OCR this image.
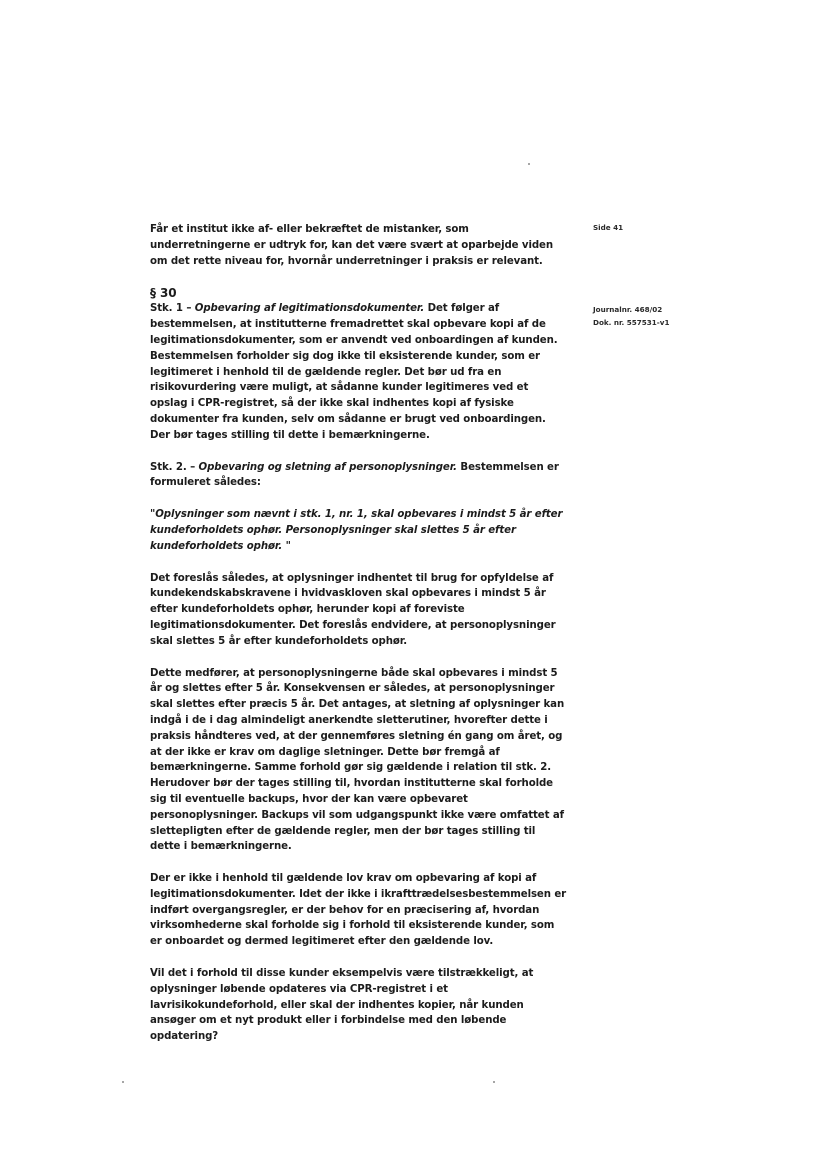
Side 41
Journalnr. 468/02
Dok. nr. 557531-v1

Får et institut ikke af- eller bekræftet de mistanker, som underretningerne er udtryk for, kan det være svært at oparbejde viden om det rette niveau for, hvornår underretninger i praksis er relevant.

§ 30

Stk. 1 – Opbevaring af legitimationsdokumenter. Det følger af bestemmelsen, at institutterne fremadrettet skal opbevare kopi af de legitimationsdokumenter, som er anvendt ved onboardingen af kunden. Bestemmelsen forholder sig dog ikke til eksisterende kunder, som er legitimeret i henhold til de gældende regler. Det bør ud fra en risikovurdering være muligt, at sådanne kunder legitimeres ved et opslag i CPR-registret, så der ikke skal indhentes kopi af fysiske dokumenter fra kunden, selv om sådanne er brugt ved onboardingen. Der bør tages stilling til dette i bemærkningerne.

Stk. 2. – Opbevaring og sletning af personoplysninger. Bestemmelsen er formuleret således:

"Oplysninger som nævnt i stk. 1, nr. 1, skal opbevares i mindst 5 år efter kundeforholdets ophør. Personoplysninger skal slettes 5 år efter kundeforholdets ophør. "

Det foreslås således, at oplysninger indhentet til brug for opfyldelse af kundekendskabskravene i hvidvaskloven skal opbevares i mindst 5 år efter kundeforholdets ophør, herunder kopi af foreviste legitimationsdokumenter. Det foreslås endvidere, at personoplysninger skal slettes 5 år efter kundeforholdets ophør.

Dette medfører, at personoplysningerne både skal opbevares i mindst 5 år og slettes efter 5 år. Konsekvensen er således, at personoplysninger skal slettes efter præcis 5 år. Det antages, at sletning af oplysninger kan indgå i de i dag almindeligt anerkendte sletterutiner, hvorefter dette i praksis håndteres ved, at der gennemføres sletning én gang om året, og at der ikke er krav om daglige sletninger. Dette bør fremgå af bemærkningerne. Samme forhold gør sig gældende i relation til stk. 2. Herudover bør der tages stilling til, hvordan institutterne skal forholde sig til eventuelle backups, hvor der kan være opbevaret personoplysninger. Backups vil som udgangspunkt ikke være omfattet af slettepligten efter de gældende regler, men der bør tages stilling til dette i bemærkningerne.

Der er ikke i henhold til gældende lov krav om opbevaring af kopi af legitimationsdokumenter. Idet der ikke i ikrafttrædelsesbestemmelsen er indført overgangsregler, er der behov for en præcisering af, hvordan virksomhederne skal forholde sig i forhold til eksisterende kunder, som er onboardet og dermed legitimeret efter den gældende lov.

Vil det i forhold til disse kunder eksempelvis være tilstrækkeligt, at oplysninger løbende opdateres via CPR-registret i et lavrisikokundeforhold, eller skal der indhentes kopier, når kunden ansøger om et nyt produkt eller i forbindelse med den løbende opdatering?
